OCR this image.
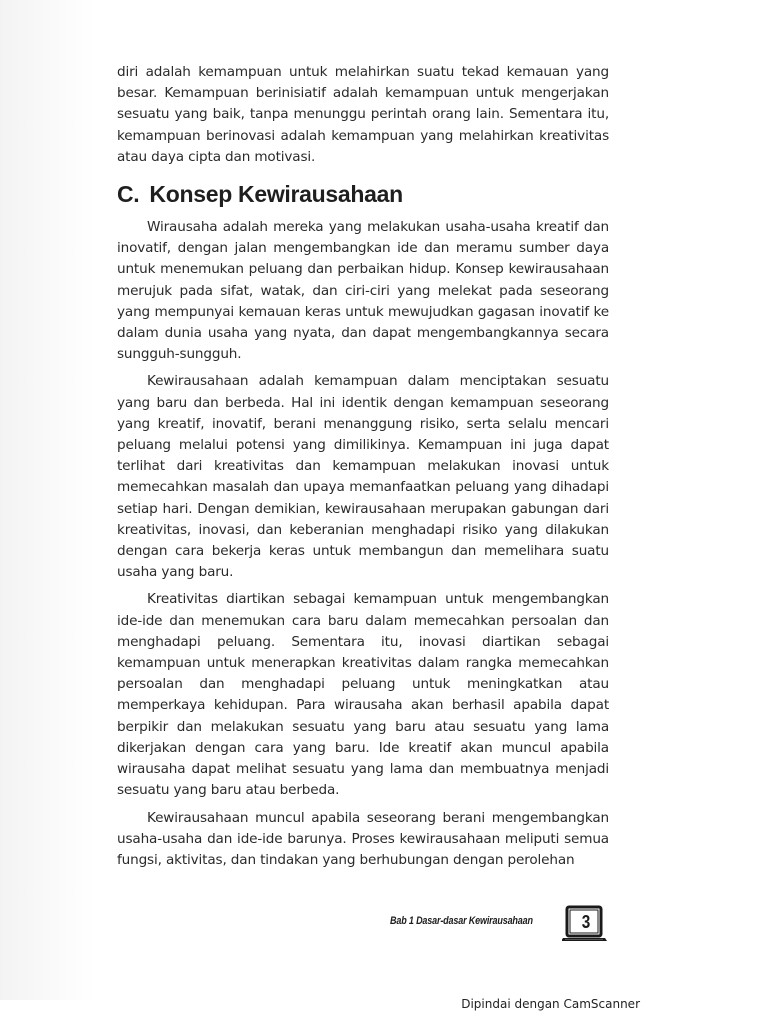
diri adalah kemampuan untuk melahirkan suatu tekad kemauan yang besar. Kemampuan berinisiatif adalah kemampuan untuk mengerjakan sesuatu yang baik, tanpa menunggu perintah orang lain. Sementara itu, kemampuan berinovasi adalah kemampuan yang melahirkan kreativitas atau daya cipta dan motivasi.

C. Konsep Kewirausahaan

Wirausaha adalah mereka yang melakukan usaha-usaha kreatif dan inovatif, dengan jalan mengembangkan ide dan meramu sumber daya untuk menemukan peluang dan perbaikan hidup. Konsep kewirausahaan merujuk pada sifat, watak, dan ciri-ciri yang melekat pada seseorang yang mempunyai kemauan keras untuk mewujudkan gagasan inovatif ke dalam dunia usaha yang nyata, dan dapat mengembangkannya secara sungguh-sungguh.

Kewirausahaan adalah kemampuan dalam menciptakan sesuatu yang baru dan berbeda. Hal ini identik dengan kemampuan seseorang yang kreatif, inovatif, berani menanggung risiko, serta selalu mencari peluang melalui potensi yang dimilikinya. Kemampuan ini juga dapat terlihat dari kreativitas dan kemampuan melakukan inovasi untuk memecahkan masalah dan upaya memanfaatkan peluang yang dihadapi setiap hari. Dengan demikian, kewirausahaan merupakan gabungan dari kreativitas, inovasi, dan keberanian menghadapi risiko yang dilakukan dengan cara bekerja keras untuk membangun dan memelihara suatu usaha yang baru.

Kreativitas diartikan sebagai kemampuan untuk mengembangkan ide-ide dan menemukan cara baru dalam memecahkan persoalan dan menghadapi peluang. Sementara itu, inovasi diartikan sebagai kemampuan untuk menerapkan kreativitas dalam rangka memecahkan persoalan dan menghadapi peluang untuk meningkatkan atau memperkaya kehidupan. Para wirausaha akan berhasil apabila dapat berpikir dan melakukan sesuatu yang baru atau sesuatu yang lama dikerjakan dengan cara yang baru. Ide kreatif akan muncul apabila wirausaha dapat melihat sesuatu yang lama dan membuatnya menjadi sesuatu yang baru atau berbeda.

Kewirausahaan muncul apabila seseorang berani mengembangkan usaha-usaha dan ide-ide barunya. Proses kewirausahaan meliputi semua fungsi, aktivitas, dan tindakan yang berhubungan dengan perolehan

Bab 1 Dasar-dasar Kewirausahaan	3
Dipindai dengan CamScanner
